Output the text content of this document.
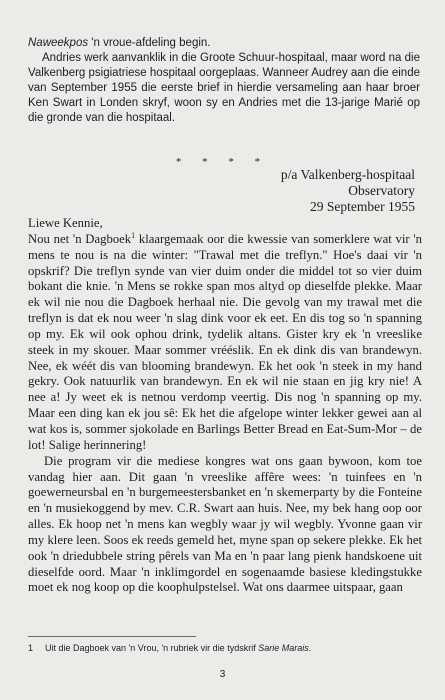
Naweekpos 'n vroue-afdeling begin.

Andries werk aanvanklik in die Groote Schuur-hospitaal, maar word na die Valkenberg psigiatriese hospitaal oorgeplaas. Wanneer Audrey aan die einde van September 1955 die eerste brief in hierdie versameling aan haar broer Ken Swart in Londen skryf, woon sy en Andries met die 13-jarige Marié op die gronde van die hospitaal.

* * * *
p/a Valkenberg-hospitaal
Observatory
29 September 1955

Liewe Kennie,

Nou net 'n Dagboek$^1$ klaargemaak oor die kwessie van somerklere wat vir 'n mens te nou is na die winter: "Trawal met die treflyn." Hoe's daai vir 'n opskrif? Die treflyn synde van vier duim onder die middel tot so vier duim bokant die knie. 'n Mens se rokke span mos altyd op dieselfde plekke. Maar ek wil nie nou die Dagboek herhaal nie. Die gevolg van my trawal met die treflyn is dat ek nou weer 'n slag dink voor ek eet. En dis tog so 'n spanning op my. Ek wil ook ophou drink, tydelik altans. Gister kry ek 'n vreeslike steek in my skouer. Maar sommer vrééslik. En ek dink dis van brandewyn. Nee, ek wéét dis van blooming brandewyn. Ek het ook 'n steek in my hand gekry. Ook natuurlik van brandewyn. En ek wil nie staan en jig kry nie! A nee a! Jy weet ek is netnou verdomp veertig. Dis nog 'n spanning op my. Maar een ding kan ek jou sê: Ek het die afgelope winter lekker gewei aan al wat kos is, sommer sjokolade en Barlings Better Bread en Eat-Sum-Mor – de lot! Salige herinnering!

Die program vir die mediese kongres wat ons gaan bywoon, kom toe vandag hier aan. Dit gaan 'n vreeslike affêre wees: 'n tuinfees en 'n goewerneursbal en 'n burgemeestersbanket en 'n skemerparty by die Fonteine en 'n musiekoggend by mev. C.R. Swart aan huis. Nee, my bek hang oop oor alles. Ek hoop net 'n mens kan wegbly waar jy wil wegbly. Yvonne gaan vir my klere leen. Soos ek reeds gemeld het, myne span op sekere plekke. Ek het ook 'n driedubbele string pêrels van Ma en 'n paar lang pienk handskoene uit dieselfde oord. Maar 'n inklimgordel en sogenaamde basiese kledingstukke moet ek nog koop op die koophulpstelsel. Wat ons daarmee uitspaar, gaan

1 Uit die Dagboek van 'n Vrou, 'n rubriek vir die tydskrif Sarie Marais.
3
